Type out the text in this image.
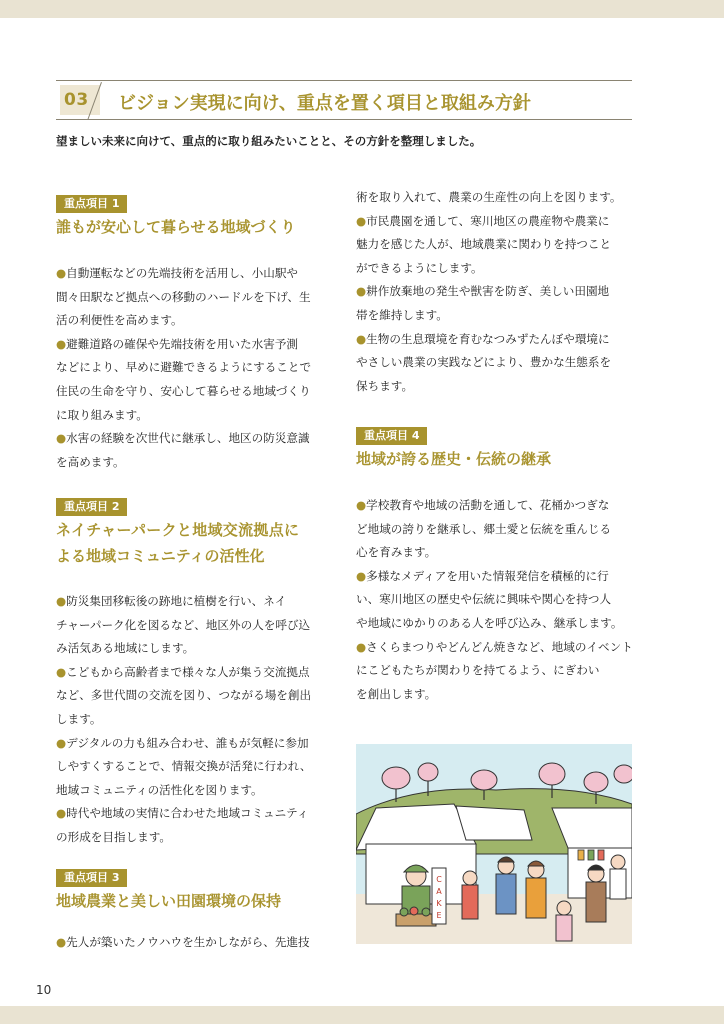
03 ビジョン実現に向け、重点を置く項目と取組み方針
望ましい未来に向けて、重点的に取り組みたいことと、その方針を整理しました。
重点項目 1
誰もが安心して暮らせる地域づくり

●自動運転などの先端技術を活用し、小山駅や

間々田駅など拠点への移動のハードルを下げ、生

活の利便性を高めます。

●避難道路の確保や先端技術を用いた水害予測

などにより、早めに避難できるようにすることで

住民の生命を守り、安心して暮らせる地域づくり

に取り組みます。

●水害の経験を次世代に継承し、地区の防災意識

を高めます。

重点項目 2
ネイチャーパークと地域交流拠点に
よる地域コミュニティの活性化

●防災集団移転後の跡地に植樹を行い、ネイ

チャーパーク化を図るなど、地区外の人を呼び込

み活気ある地域にします。

●こどもから高齢者まで様々な人が集う交流拠点

など、多世代間の交流を図り、つながる場を創出

します。

●デジタルの力も組み合わせ、誰もが気軽に参加

しやすくすることで、情報交換が活発に行われ、

地域コミュニティの活性化を図ります。

●時代や地域の実情に合わせた地域コミュニティ

の形成を目指します。

重点項目 3
地域農業と美しい田園環境の保持

●先人が築いたノウハウを生かしながら、先進技

術を取り入れて、農業の生産性の向上を図ります。

●市民農園を通して、寒川地区の農産物や農業に

魅力を感じた人が、地域農業に関わりを持つこと

ができるようにします。

●耕作放棄地の発生や獣害を防ぎ、美しい田園地

帯を維持します。

●生物の生息環境を育むなつみずたんぼや環境に

やさしい農業の実践などにより、豊かな生態系を

保ちます。

重点項目 4
地域が誇る歴史・伝統の継承

●学校教育や地域の活動を通して、花桶かつぎな

ど地域の誇りを継承し、郷土愛と伝統を重んじる

心を育みます。

●多様なメディアを用いた情報発信を積極的に行

い、寒川地区の歴史や伝統に興味や関心を持つ人

や地域にゆかりのある人を呼び込み、継承します。

●さくらまつりやどんどん焼きなど、地域のイベント

にこどもたちが関わりを持てるよう、にぎわい

を創出します。

C
A
K
E
10
